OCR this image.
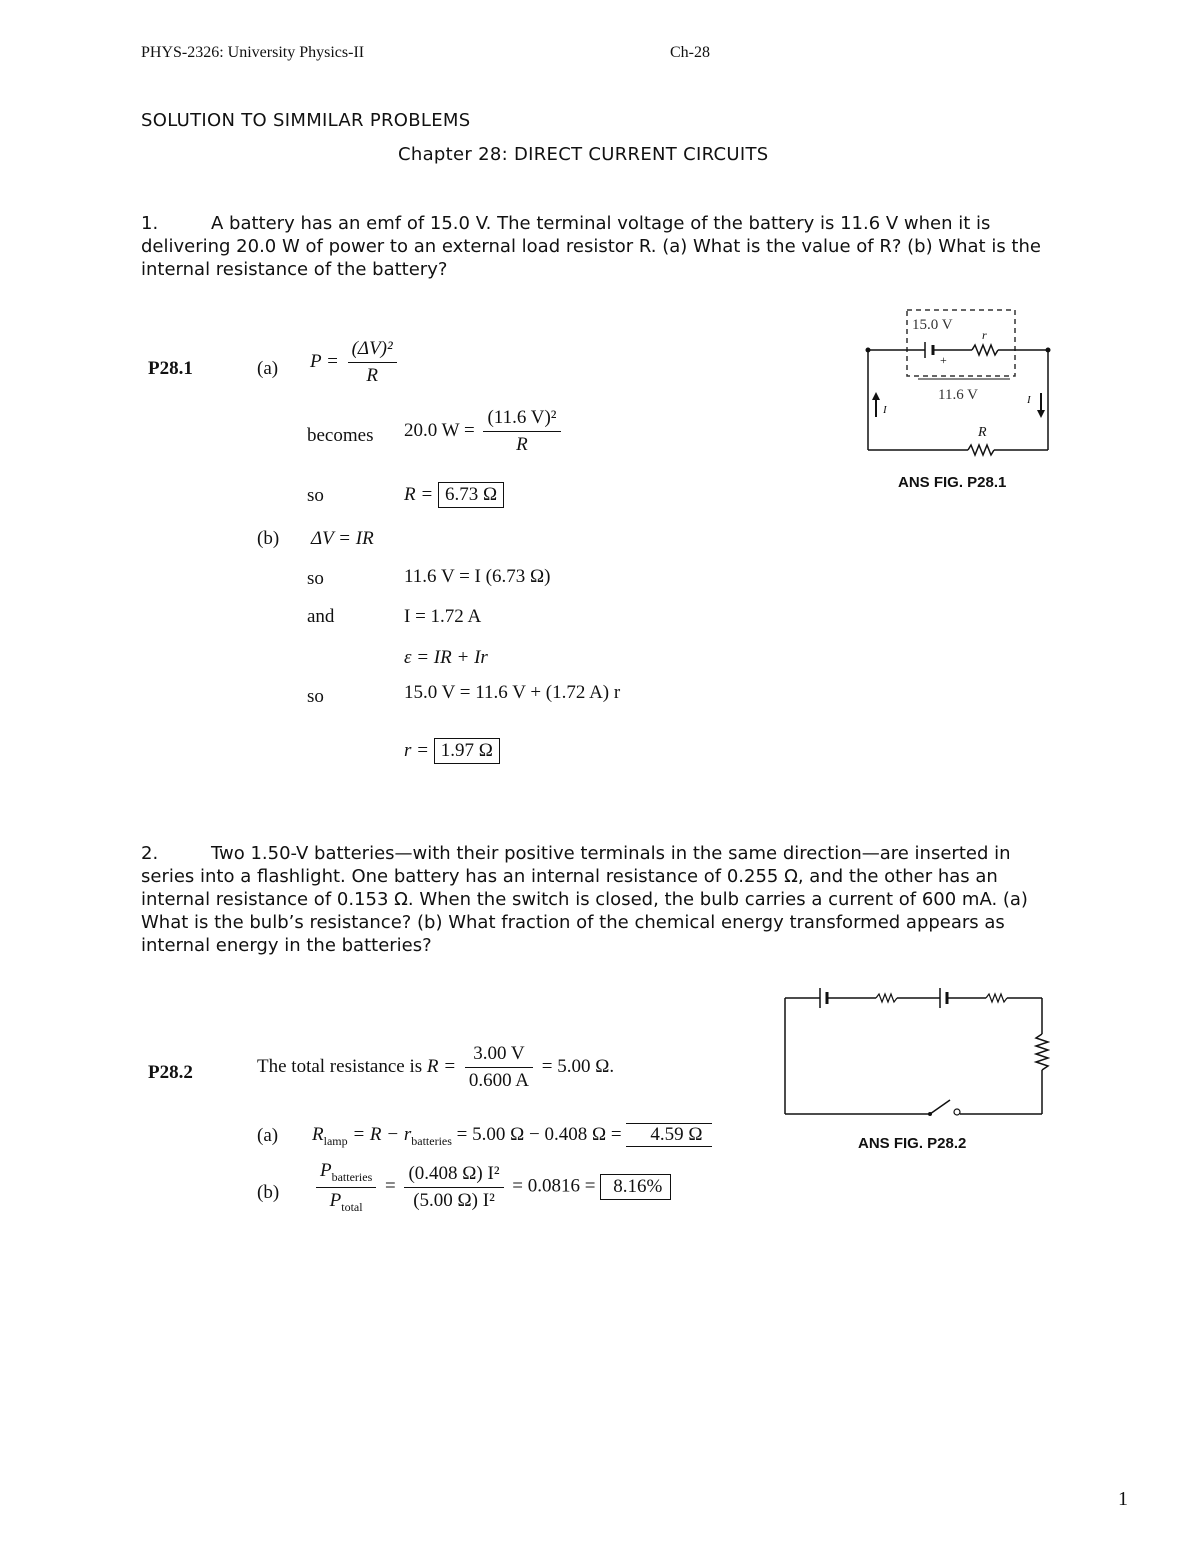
PHYS-2326: University Physics-II	Ch-28
SOLUTION TO SIMMILAR PROBLEMS
Chapter 28: DIRECT CURRENT CIRCUITS
1.	A battery has an emf of 15.0 V. The terminal voltage of the battery is 11.6 V when it is
delivering 20.0 W of power to an external load resistor R. (a) What is the value of R? (b) What is the
internal resistance of the battery?
P28.1	(a) $P = \frac{\text{(ΔV)²}}{R}$
becomes 20.0 $W = \frac{\text{(11.6 V)²}}{R}$
so	R = 6.73 Ω
(b) ΔV = IR
so	11.6 V = I (6.73 Ω)
and	I = 1.72 A
ε = IR + Ir
so	15.0 V = 11.6 V + (1.72 A) r
r = 1.97 Ω
15.0 V
+
r
11.6 V
R
I
I
ANS FIG. P28.1
2.	Two 1.50-V batteries—with their positive terminals in the same direction—are inserted in
series into a flashlight. One battery has an internal resistance of 0.255 Ω, and the other has an
internal resistance of 0.153 Ω. When the switch is closed, the bulb carries a current of 600 mA. (a)
What is the bulb’s resistance? (b) What fraction of the chemical energy transformed appears as
internal energy in the batteries?
P28.2	The total resistance is $R = \frac{3.00 V}{0.600 A} = 5.00$ Ω.
(a) $R_{lamp} = R - r_{batteries} = 5.00$ Ω − 0.408 Ω = 4.59 Ω
$(b) \frac{P_{batteries}}{P_{total}} = \frac{\text{(0.408 Ω) I²}}{\text{(5.00 Ω) I²}} = 0.0816 = 8.16\%$
ANS FIG. P28.2
1
